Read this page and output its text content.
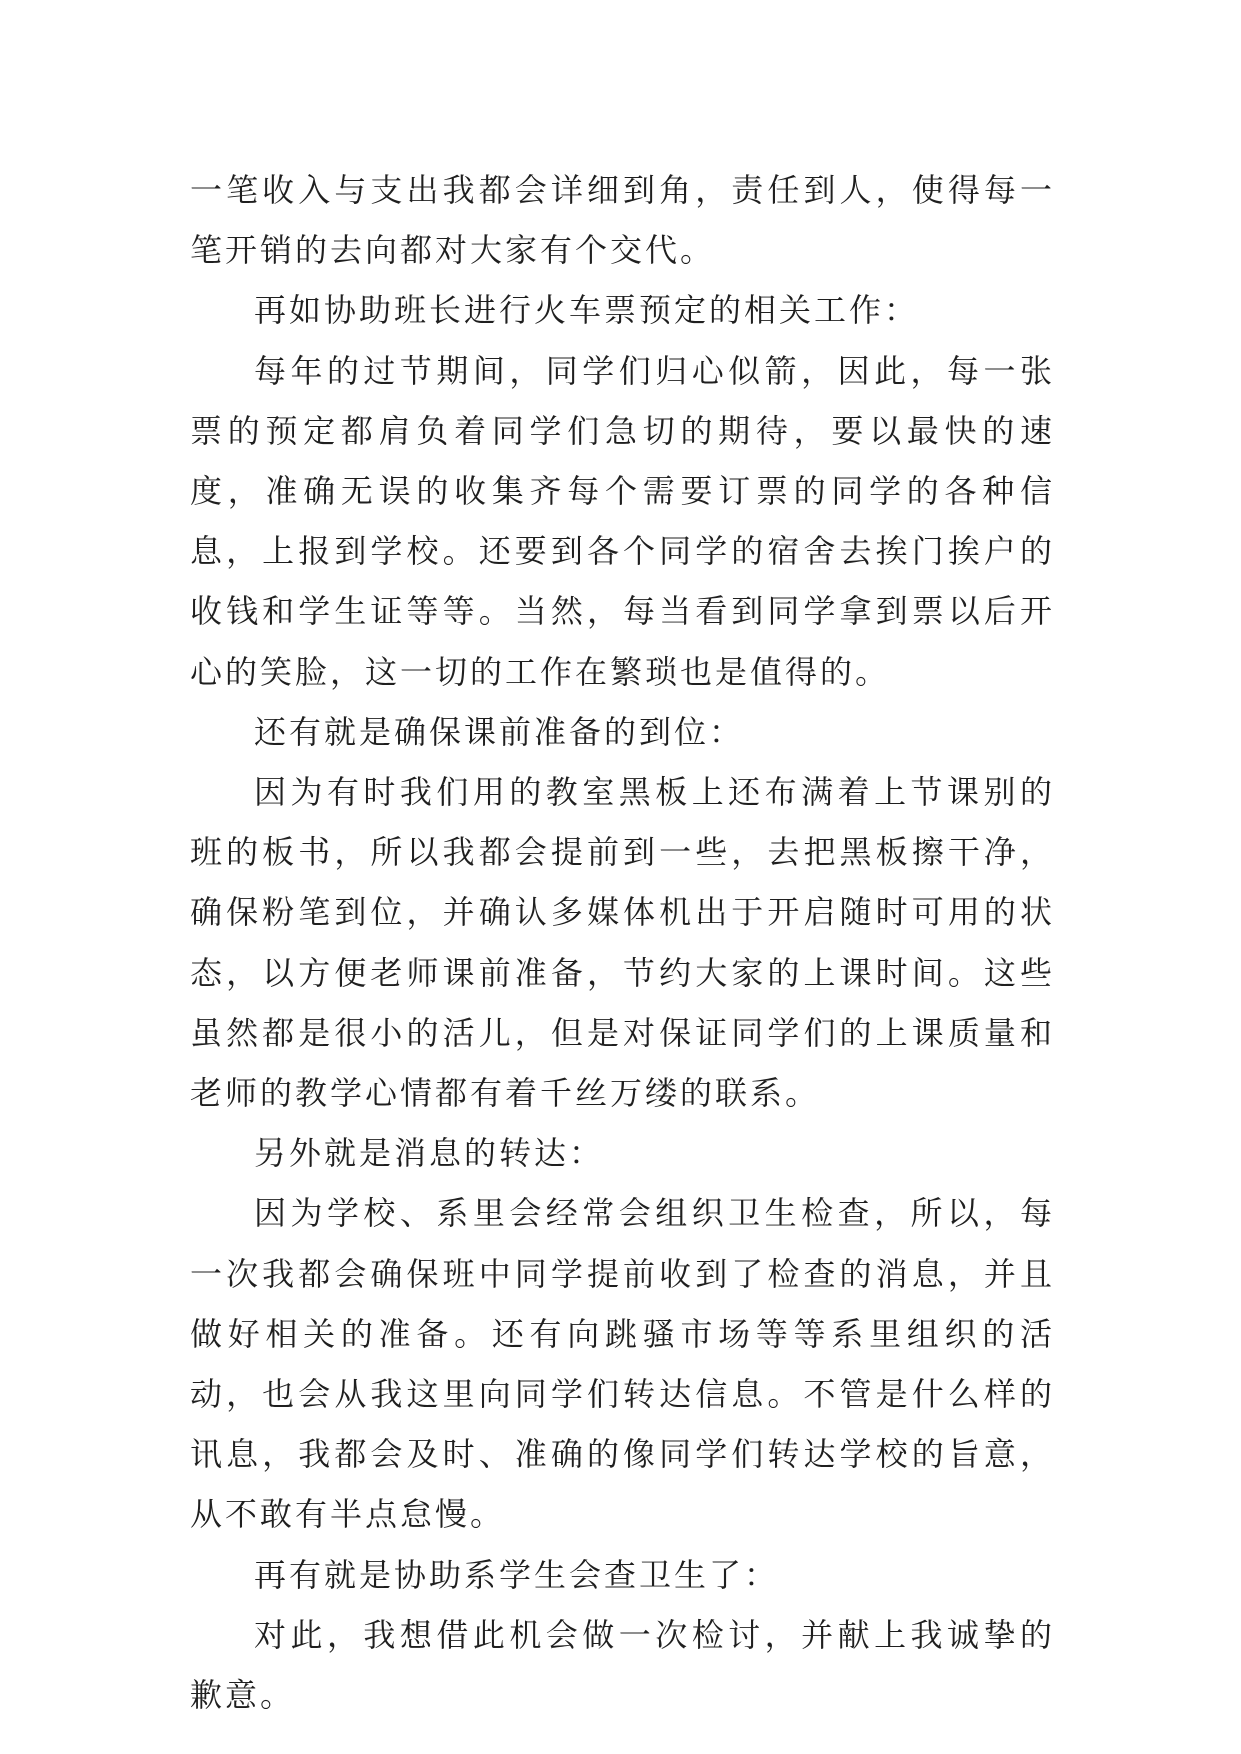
一笔收入与支出我都会详细到角，责任到人，使得每一笔开销的去向都对大家有个交代。

再如协助班长进行火车票预定的相关工作：

每年的过节期间，同学们归心似箭，因此，每一张票的预定都肩负着同学们急切的期待，要以最快的速度，准确无误的收集齐每个需要订票的同学的各种信息，上报到学校。还要到各个同学的宿舍去挨门挨户的收钱和学生证等等。当然，每当看到同学拿到票以后开心的笑脸，这一切的工作在繁琐也是值得的。

还有就是确保课前准备的到位：

因为有时我们用的教室黑板上还布满着上节课别的班的板书，所以我都会提前到一些，去把黑板擦干净，确保粉笔到位，并确认多媒体机出于开启随时可用的状态，以方便老师课前准备，节约大家的上课时间。这些虽然都是很小的活儿，但是对保证同学们的上课质量和老师的教学心情都有着千丝万缕的联系。

另外就是消息的转达：

因为学校、系里会经常会组织卫生检查，所以，每一次我都会确保班中同学提前收到了检查的消息，并且做好相关的准备。还有向跳骚市场等等系里组织的活动，也会从我这里向同学们转达信息。不管是什么样的讯息，我都会及时、准确的像同学们转达学校的旨意，从不敢有半点怠慢。

再有就是协助系学生会查卫生了：

对此，我想借此机会做一次检讨，并献上我诚挚的歉意。
